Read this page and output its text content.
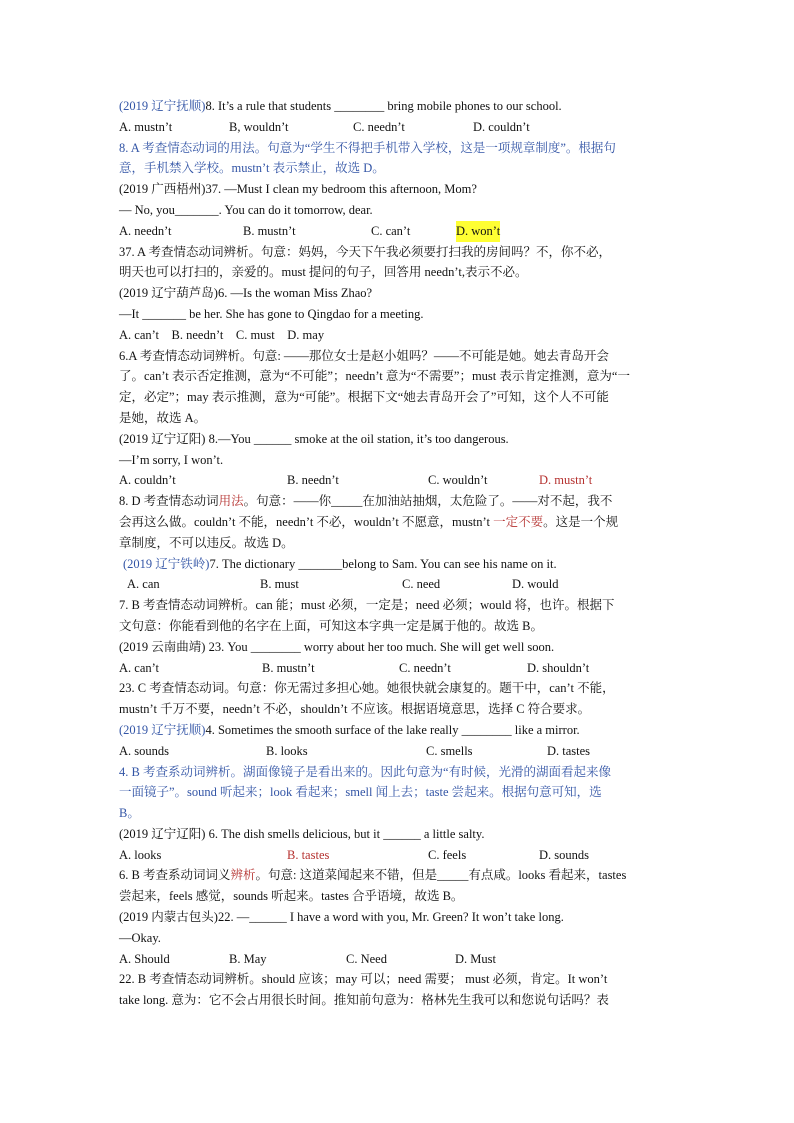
(2019 辽宁抚顺)8. It’s a rule that students ________ bring mobile phones to our school.
A. mustn’t	B, wouldn’t	C. needn’t	D. couldn’t
8. A 考查情态动词的用法。句意为“学生不得把手机带入学校，这是一项规章制度”。根据句
意，手机禁入学校。mustn’t 表示禁止，故选 D。
(2019 广西梧州)37. —Must I clean my bedroom this afternoon, Mom?
— No, you_______. You can do it tomorrow, dear.
A. needn’t	B. mustn’t	C. can’t	D. won’t
37. A 考查情态动词辨析。句意：妈妈，今天下午我必须要打扫我的房间吗？不，你不必，
明天也可以打扫的，亲爱的。must 提问的句子，回答用 needn’t,表示不必。
(2019 辽宁葫芦岛)6. —Is the woman Miss Zhao?
—It _______ be her. She has gone to Qingdao for a meeting.
A. can’t    B. needn’t    C. must    D. may
6.A 考查情态动词辨析。句意: ——那位女士是赵小姐吗？——不可能是她。她去青岛开会
了。can’t 表示否定推测，意为“不可能”；needn’t 意为“不需要”；must 表示肯定推测，意为“一
定，必定”；may 表示推测，意为“可能”。根据下文“她去青岛开会了”可知，这个人不可能
是她，故选 A。
(2019 辽宁辽阳) 8.—You ______ smoke at the oil station, it’s too dangerous.
—I’m sorry, I won’t.
A. couldn’t	B. needn’t	C. wouldn’t	D. mustn’t
8. D 考查情态动词用法。句意：——你_____在加油站抽烟，太危险了。——对不起，我不
会再这么做。couldn’t 不能，needn’t 不必，wouldn’t 不愿意，mustn’t 一定不要。这是一个规
章制度，不可以违反。故选 D。
(2019 辽宁铁岭)7. The dictionary _______belong to Sam. You can see his name on it.
A. can	B. must	C. need	D. would
7. B 考查情态动词辨析。can 能；must 必须，一定是；need 必须；would 将，也许。根据下
文句意：你能看到他的名字在上面，可知这本字典一定是属于他的。故选 B。
(2019 云南曲靖) 23. You ________ worry about her too much. She will get well soon.
A. can’t	B. mustn’t	C. needn’t	D. shouldn’t
23. C 考查情态动词。句意：你无需过多担心她。她很快就会康复的。题干中，can’t 不能，
mustn’t 千万不要，needn’t 不必，shouldn’t 不应该。根据语境意思，选择 C 符合要求。
(2019 辽宁抚顺)4. Sometimes the smooth surface of the lake really ________ like a mirror.
A. sounds	B. looks	C. smells	D. tastes
4. B 考查系动词辨析。湖面像镜子是看出来的。因此句意为“有时候，光滑的湖面看起来像
一面镜子”。sound 听起来；look 看起来；smell 闻上去；taste 尝起来。根据句意可知，选
B。
(2019 辽宁辽阳) 6. The dish smells delicious, but it ______ a little salty.
A. looks	B. tastes	C. feels	D. sounds
6. B 考查系动词词义辨析。句意: 这道菜闻起来不错，但是_____有点咸。looks 看起来，tastes
尝起来，feels 感觉，sounds 听起来。tastes 合乎语境，故选 B。
(2019 内蒙古包头)22. —______ I have a word with you, Mr. Green? It won’t take long.
—Okay.
A. Should	B. May	C. Need	D. Must
22. B 考查情态动词辨析。should 应该；may 可以；need 需要； must 必须，肯定。It won’t
take long. 意为：它不会占用很长时间。推知前句意为：格林先生我可以和您说句话吗？表
